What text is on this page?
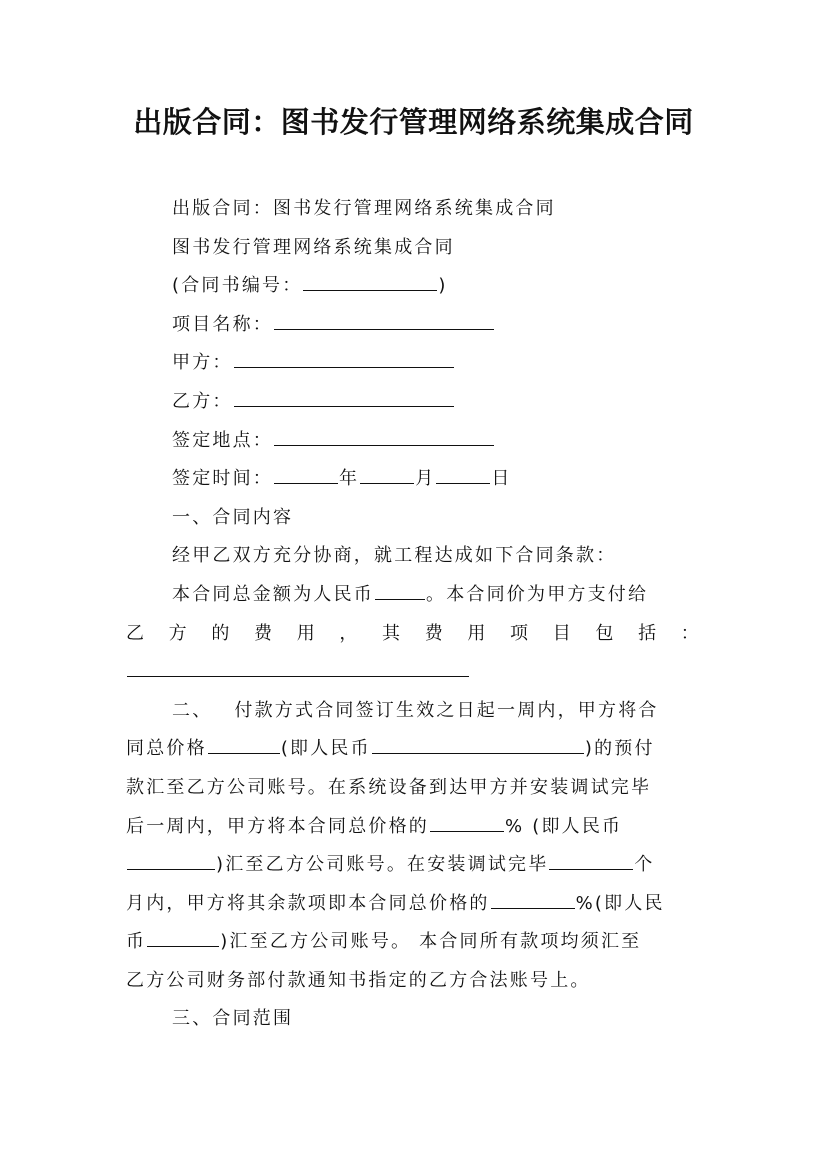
出版合同：图书发行管理网络系统集成合同
出版合同：图书发行管理网络系统集成合同
图书发行管理网络系统集成合同
(合同书编号：	)
项目名称：
甲方：
乙方：
签定地点：
签定时间：	年	月	日
一、合同内容
经甲乙双方充分协商，就工程达成如下合同条款：
本合同总金额为人民币	。本合同价为甲方支付给
乙 方 的 费 用 ， 其 费 用 项 目 包 括 ：
二、 付款方式合同签订生效之日起一周内，甲方将合
同总价格	(即人民币	)的预付
款汇至乙方公司账号。在系统设备到达甲方并安装调试完毕
后一周内，甲方将本合同总价格的	% (即人民币
)汇至乙方公司账号。在安装调试完毕	个
月内，甲方将其余款项即本合同总价格的	%(即人民
币	)汇至乙方公司账号。 本合同所有款项均须汇至
乙方公司财务部付款通知书指定的乙方合法账号上。
三、合同范围
